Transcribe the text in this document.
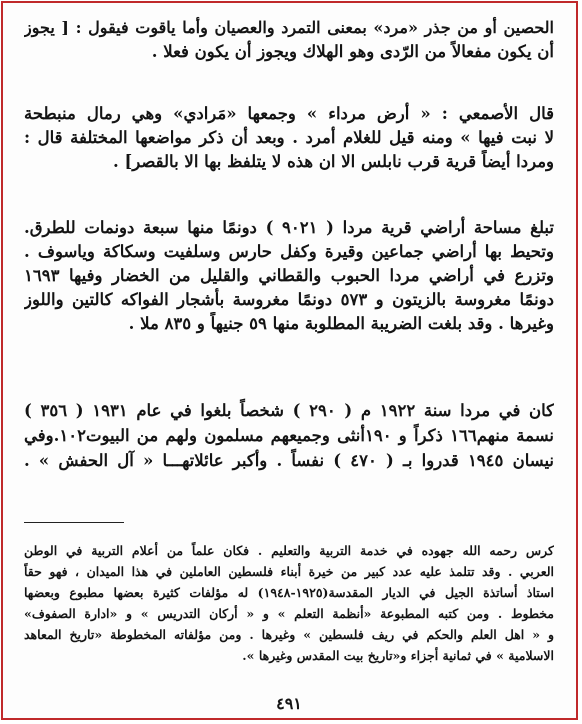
الحصين أو من جذر «مرد» بمعنى التمرد والعصيان وأما ياقوت فيقول : [ يجوز
أن يكون مفعالاً من الرّدى وهو الهلاك ويجوز أن يكون فعلا .
قال الأصمعي : « أرض مرداء » وجمعها «مَرادي» وهي رمال منبطحة
لا نبت فيها » ومنه قيل للغلام أمرد . وبعد أن ذكر مواضعها المختلفة قال :
ومردا أيضاً قرية قرب نابلس الا ان هذه لا يتلفظ بها الا بالقصر] .
تبلغ مساحة أراضي قرية مردا ( ٩٠٢١ ) دونمًا منها سبعة دونمات للطرق.
وتحيط بها أراضي جماعين وقيرة وكفل حارس وسلفيت وسكاكة وياسوف .
وتزرع في أراضي مردا الحبوب والقطاني والقليل من الخضار وفيها ١٦٩٣
دونمًا مغروسة بالزيتون و ٥٧٣ دونمًا مغروسة بأشجار الفواكه كالتين واللوز
وغيرها . وقد بلغت الضريبة المطلوبة منها ٥٩ جنيهاً و ٨٣٥ ملا .
كان في مردا سنة ١٩٢٢ م ( ٢٩٠ ) شخصاً بلغوا في عام ١٩٣١ ( ٣٥٦ )
نسمة منهم١٦٦ ذكراً و ١٩٠أنثى وجميعهم مسلمون ولهم من البيوت١٠٢.وفي
نيسان ١٩٤٥ قدروا بـ ( ٤٧٠ ) نفساً . وأكبر عائلاتهـــا « آل الحفش » .
كرس رحمه الله جهوده في خدمة التربية والتعليم . فكان علماً من أعلام التربية في الوطن
العربي . وقد تتلمذ عليه عدد كبير من خيرة أبناء فلسطين العاملين في هذا الميدان ، فهو حقاً
استاذ أساتذة الجيل في الديار المقدسة(١٩٢٥-١٩٤٨) له مؤلفات كثيرة بعضها مطبوع وبعضها
مخطوط . ومن كتبه المطبوعة «أنظمة التعلم » و « أركان التدريس » و «ادارة الصفوف»
و « اهل العلم والحكم في ريف فلسطين » وغيرها . ومن مؤلفاته المخطوطة «تاريخ المعاهد
الاسلامية » في ثمانية أجزاء و«تاريخ بيت المقدس وغيرها ».
٤٩١
